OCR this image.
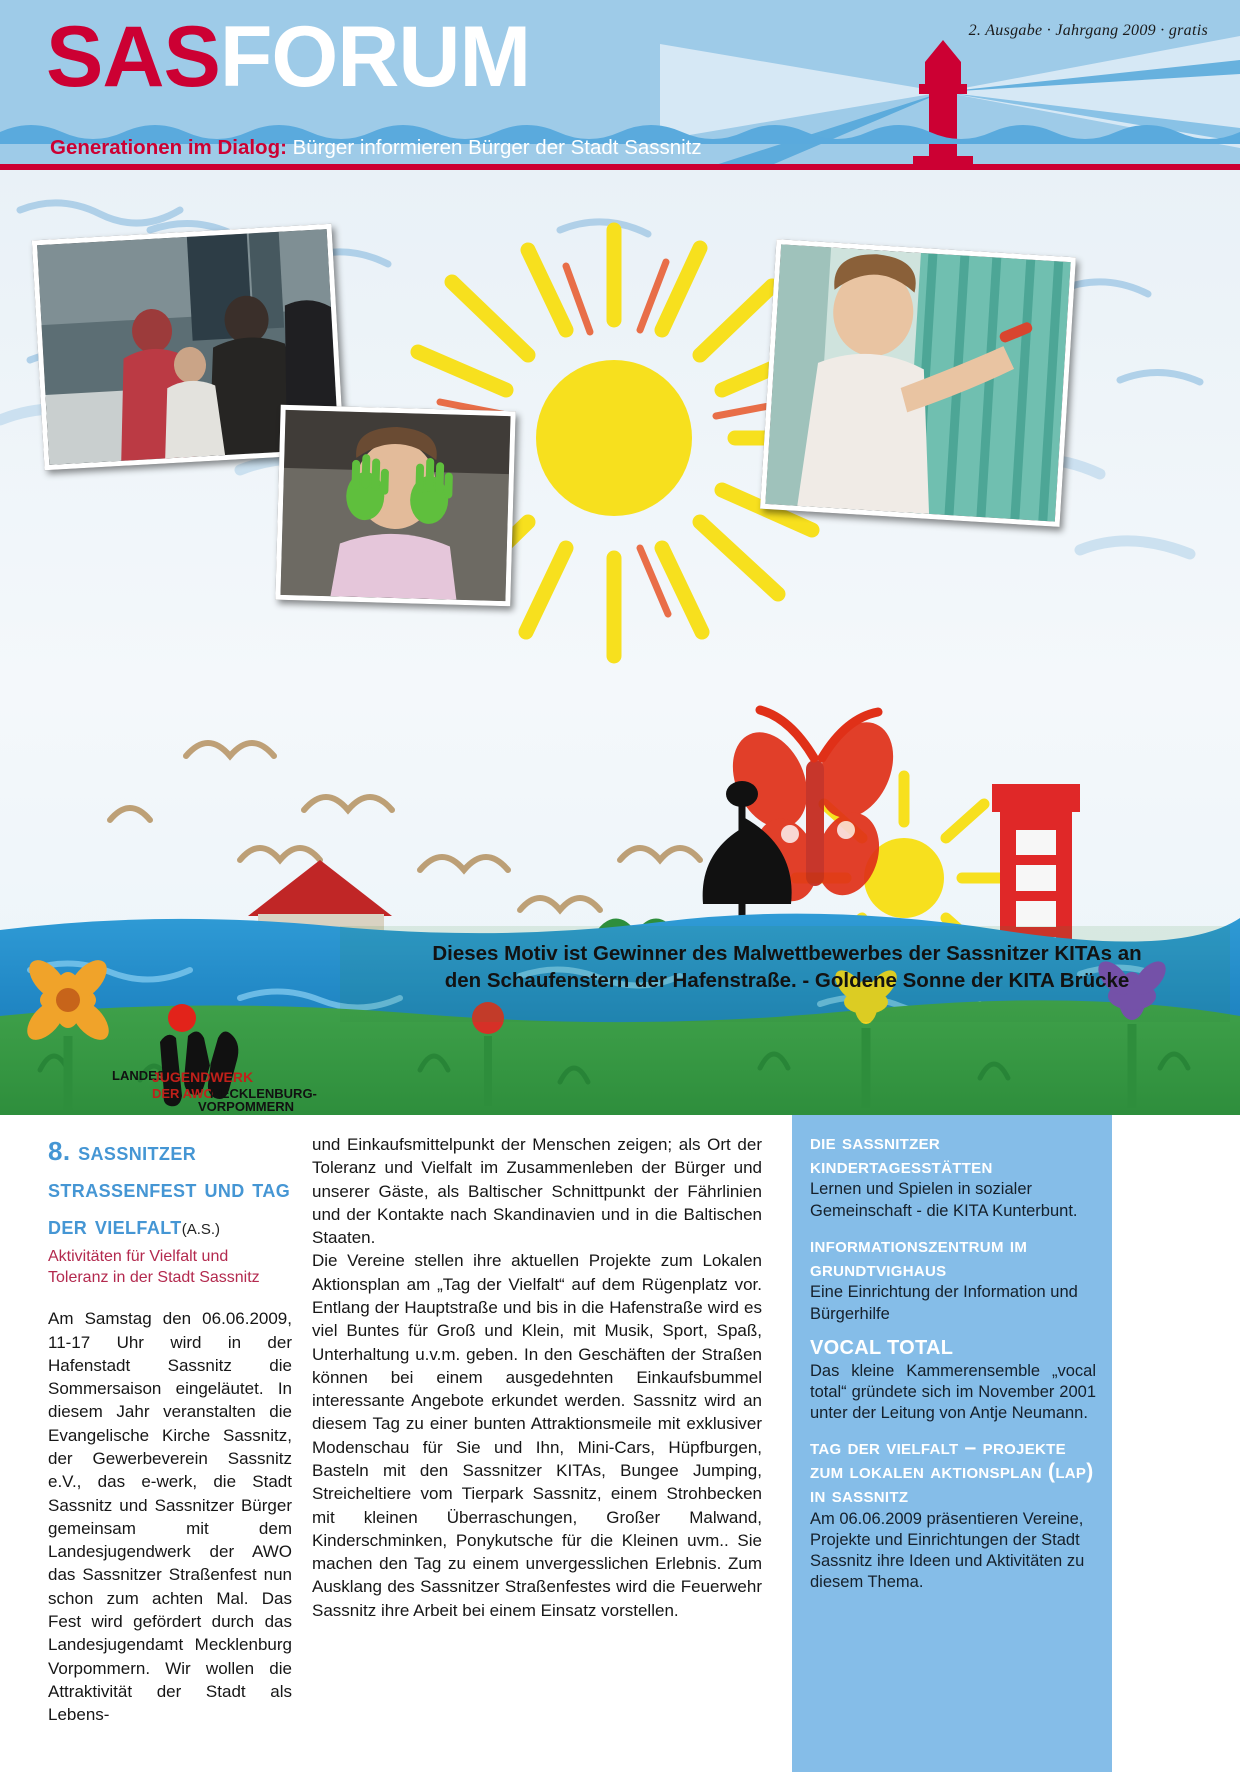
2. Ausgabe · Jahrgang 2009 · gratis
SASFORUM
Generationen im Dialog: Bürger informieren Bürger der Stadt Sassnitz
LANDES
JUGENDWERK
DER AWO
MECKLENBURG-
VORPOMMERN
Dieses Motiv ist Gewinner des Malwettbewerbes der Sassnitzer KITAs an
den Schaufenstern der Hafenstraße. - Goldene Sonne der KITA Brücke
8. sassnitzer strassenfest und tag der vielfalt(A.S.)

Aktivitäten für Vielfalt und Toleranz in der Stadt Sassnitz

Am Samstag den 06.06.2009, 11-17 Uhr wird in der Hafenstadt Sassnitz die Sommersaison eingeläutet. In diesem Jahr veranstalten die Evangelische Kirche Sassnitz, der Gewerbeverein Sassnitz e.V., das e-werk, die Stadt Sassnitz und Sassnitzer Bürger gemeinsam mit dem Landesjugendwerk der AWO das Sassnitzer Straßenfest nun schon zum achten Mal. Das Fest wird gefördert durch das Landesjugendamt Mecklenburg Vorpommern. Wir wollen die Attraktivität der Stadt als Lebens-

und Einkaufsmittelpunkt der Menschen zeigen; als Ort der Toleranz und Vielfalt im Zusammenleben der Bürger und unserer Gäste, als Baltischer Schnittpunkt der Fährlinien und der Kontakte nach Skandinavien und in die Baltischen Staaten.

Die Vereine stellen ihre aktuellen Projekte zum Lokalen Aktionsplan am „Tag der Vielfalt“ auf dem Rügenplatz vor. Entlang der Hauptstraße und bis in die Hafenstraße wird es viel Buntes für Groß und Klein, mit Musik, Sport, Spaß, Unterhaltung u.v.m. geben. In den Geschäften der Straßen können bei einem ausgedehnten Einkaufsbummel interessante Angebote erkundet werden. Sassnitz wird an diesem Tag zu einer bunten Attraktionsmeile mit exklusiver Modenschau für Sie und Ihn, Mini-Cars, Hüpfburgen, Basteln mit den Sassnitzer KITAs, Bungee Jumping, Streicheltiere vom Tierpark Sassnitz, einem Strohbecken mit kleinen Überraschungen, Großer Malwand, Kinderschminken, Ponykutsche für die Kleinen uvm.. Sie machen den Tag zu einem unvergesslichen Erlebnis. Zum Ausklang des Sassnitzer Straßenfestes wird die Feuerwehr Sassnitz ihre Arbeit bei einem Einsatz vorstellen.

die sassnitzer kindertagesstätten

Lernen und Spielen in sozialer Gemeinschaft - die KITA Kunterbunt.

informationszentrum im grundtvighaus

Eine Einrichtung der Information und Bürgerhilfe

VOCAL TOTAL

Das kleine Kammerensemble „vocal total“ gründete sich im November 2001 unter der Leitung von Antje Neumann.

tag der vielfalt – projekte zum lokalen aktionsplan (lap) in sassnitz

Am 06.06.2009 präsentieren Vereine, Projekte und Einrichtungen der Stadt Sassnitz ihre Ideen und Aktivitäten zu diesem Thema.
